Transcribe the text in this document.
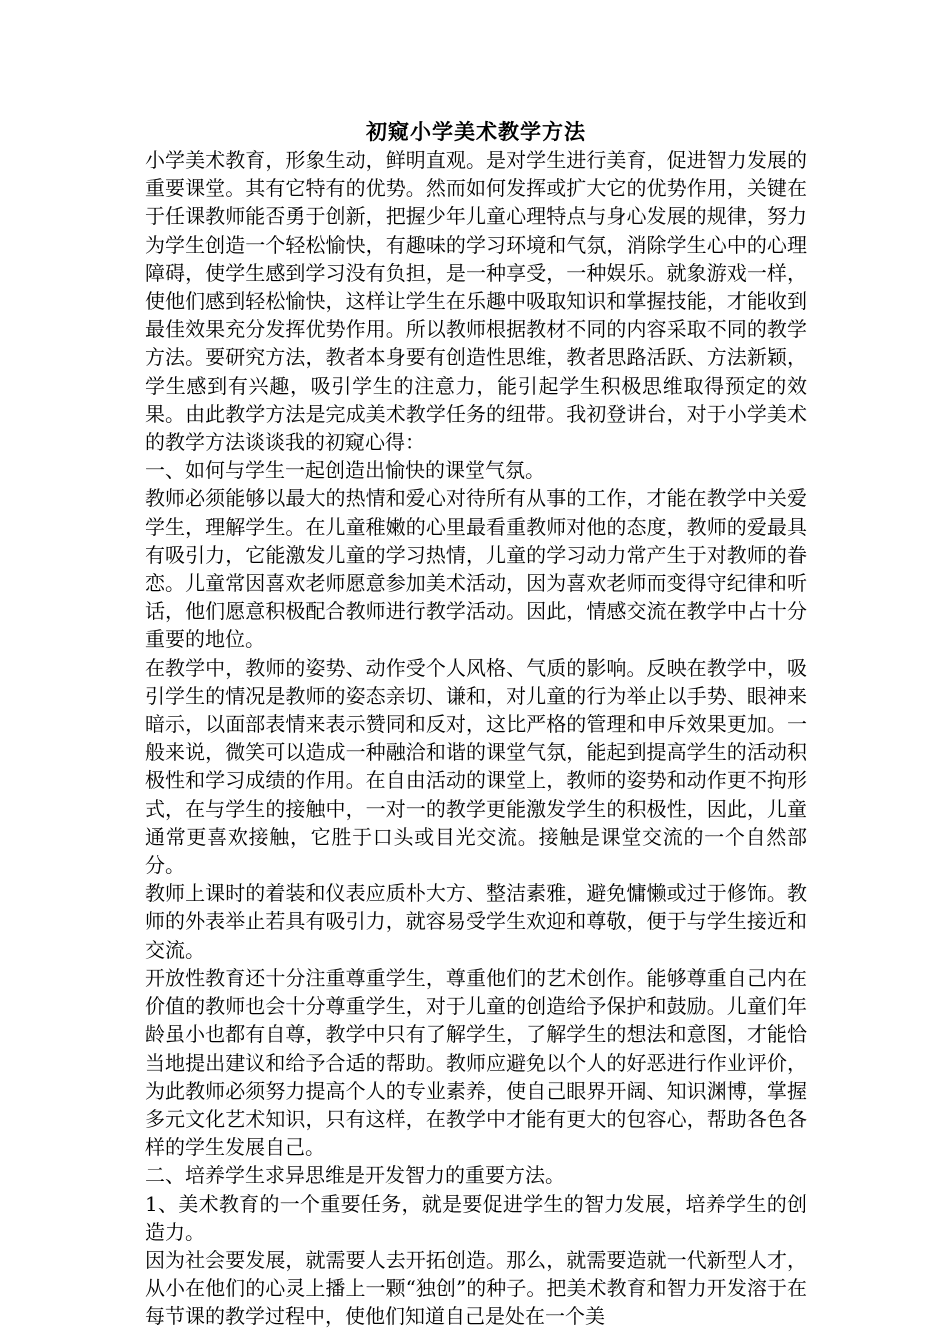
初窥小学美术教学方法

小学美术教育，形象生动，鲜明直观。是对学生进行美育，促进智力发展的重要课堂。其有它特有的优势。然而如何发挥或扩大它的优势作用，关键在于任课教师能否勇于创新，把握少年儿童心理特点与身心发展的规律，努力为学生创造一个轻松愉快，有趣味的学习环境和气氛，消除学生心中的心理障碍，使学生感到学习没有负担，是一种享受，一种娱乐。就象游戏一样，使他们感到轻松愉快，这样让学生在乐趣中吸取知识和掌握技能，才能收到最佳效果充分发挥优势作用。所以教师根据教材不同的内容采取不同的教学方法。要研究方法，教者本身要有创造性思维，教者思路活跃、方法新颖，学生感到有兴趣，吸引学生的注意力，能引起学生积极思维取得预定的效果。由此教学方法是完成美术教学任务的纽带。我初登讲台，对于小学美术的教学方法谈谈我的初窥心得：

一、如何与学生一起创造出愉快的课堂气氛。

教师必须能够以最大的热情和爱心对待所有从事的工作，才能在教学中关爱学生，理解学生。在儿童稚嫩的心里最看重教师对他的态度，教师的爱最具有吸引力，它能激发儿童的学习热情，儿童的学习动力常产生于对教师的眷恋。儿童常因喜欢老师愿意参加美术活动，因为喜欢老师而变得守纪律和听话，他们愿意积极配合教师进行教学活动。因此，情感交流在教学中占十分重要的地位。

在教学中，教师的姿势、动作受个人风格、气质的影响。反映在教学中，吸引学生的情况是教师的姿态亲切、谦和，对儿童的行为举止以手势、眼神来暗示，以面部表情来表示赞同和反对，这比严格的管理和申斥效果更加。一般来说，微笑可以造成一种融洽和谐的课堂气氛，能起到提高学生的活动积极性和学习成绩的作用。在自由活动的课堂上，教师的姿势和动作更不拘形式，在与学生的接触中，一对一的教学更能激发学生的积极性，因此，儿童通常更喜欢接触，它胜于口头或目光交流。接触是课堂交流的一个自然部分。

教师上课时的着装和仪表应质朴大方、整洁素雅，避免慵懒或过于修饰。教师的外表举止若具有吸引力，就容易受学生欢迎和尊敬，便于与学生接近和交流。

开放性教育还十分注重尊重学生，尊重他们的艺术创作。能够尊重自己内在价值的教师也会十分尊重学生，对于儿童的创造给予保护和鼓励。儿童们年龄虽小也都有自尊，教学中只有了解学生，了解学生的想法和意图，才能恰当地提出建议和给予合适的帮助。教师应避免以个人的好恶进行作业评价，为此教师必须努力提高个人的专业素养，使自己眼界开阔、知识渊博，掌握多元文化艺术知识，只有这样，在教学中才能有更大的包容心，帮助各色各样的学生发展自己。

二、培养学生求异思维是开发智力的重要方法。

1、美术教育的一个重要任务，就是要促进学生的智力发展，培养学生的创造力。

因为社会要发展，就需要人去开拓创造。那么，就需要造就一代新型人才，从小在他们的心灵上播上一颗“独创”的种子。把美术教育和智力开发溶于在每节课的教学过程中，使他们知道自己是处在一个美
